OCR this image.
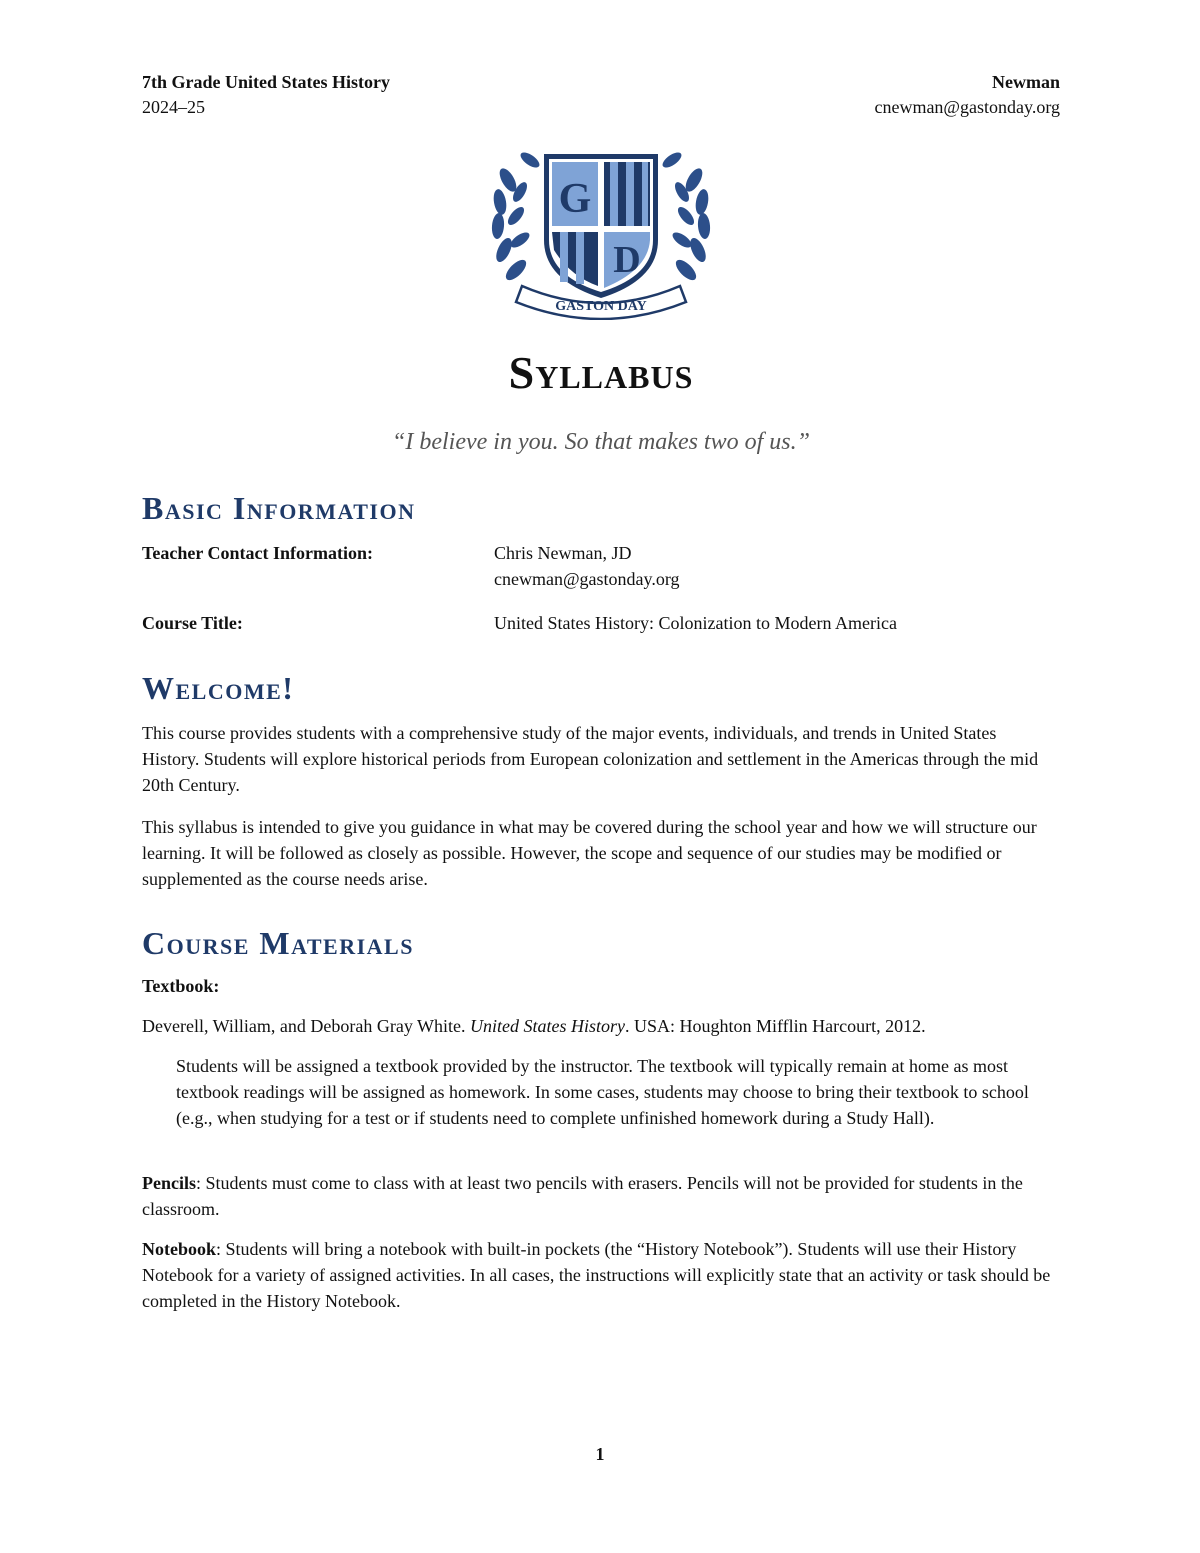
7th Grade United States History
2024–25
Newman
cnewman@gastonday.org
G
D
GASTON DAY
Syllabus
“I believe in you. So that makes two of us.”
Basic Information
Teacher Contact Information:	Chris Newman, JD
cnewman@gastonday.org
Course Title:	United States History: Colonization to Modern America
Welcome!

This course provides students with a comprehensive study of the major events, individuals, and trends in United States History. Students will explore historical periods from European colonization and settlement in the Americas through the mid 20th Century.

This syllabus is intended to give you guidance in what may be covered during the school year and how we will structure our learning. It will be followed as closely as possible. However, the scope and sequence of our studies may be modified or supplemented as the course needs arise.

Course Materials

Textbook:

Deverell, William, and Deborah Gray White. United States History. USA: Houghton Mifflin Harcourt, 2012.

Students will be assigned a textbook provided by the instructor. The textbook will typically remain at home as most textbook readings will be assigned as homework. In some cases, students may choose to bring their textbook to school (e.g., when studying for a test or if students need to complete unfinished homework during a Study Hall).

Pencils: Students must come to class with at least two pencils with erasers. Pencils will not be provided for students in the classroom.

Notebook: Students will bring a notebook with built-in pockets (the “History Notebook”). Students will use their History Notebook for a variety of assigned activities. In all cases, the instructions will explicitly state that an activity or task should be completed in the History Notebook.

1
